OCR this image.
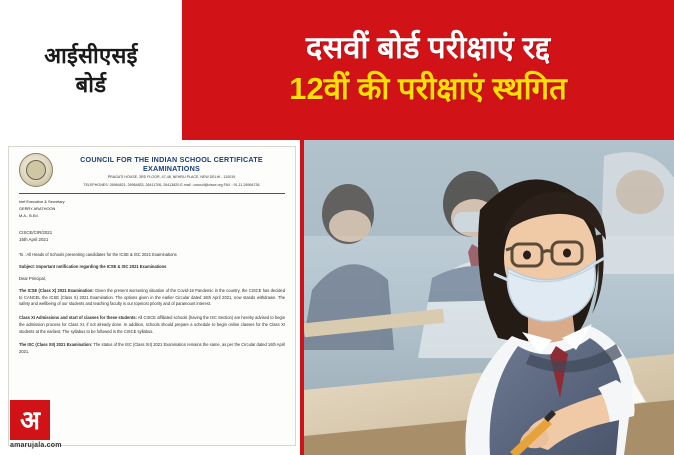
आईसीएसई
बोर्ड
दसवीं बोर्ड परीक्षाएं रद्द
12वीं की परीक्षाएं स्थगित
COUNCIL FOR THE INDIAN SCHOOL CERTIFICATE EXAMINATIONS
PRAGATI HOUSE, 3RD FLOOR, 47-48, NEHRU PLACE, NEW DELHI - 110019
TELEPHONES: 26964821, 26964833, 26411706, 26413820 E-mail : council@cisce.org FAX : 91-11-26964736
hief Executive & Secretary
GERRY ARATHOON
M.A., B.Ed.
CISCE/CIR/2021
16th April 2021
To : All Heads of Schools presenting candidates for the ICSE & ISC 2021 Examinations
Subject: Important notification regarding the ICSE & ISC 2021 Examinations
Dear Principal,
The ICSE (Class X) 2021 Examination: Given the present worsening situation of the Covid-19 Pandemic in the country, the CISCE has decided to CANCEL the ICSE (Class X) 2021 Examination. The options given in the earlier Circular dated 16th April 2021, now stands withdrawn. The safety and wellbeing of our students and teaching faculty is our topmost priority and of paramount interest.
Class XI Admissions and start of classes for these students: All CISCE affiliated schools (having the ISC Section) are hereby advised to begin the admission process for Class XI, if not already done. In addition, schools should prepare a schedule to begin online classes for the Class XI students at the earliest. The syllabus to be followed is the CISCE syllabus.
The ISC (Class XII) 2021 Examination: The status of the ISC (Class XII) 2021 Examination remains the same, as per the Circular dated 16th April 2021.
अ
amarujala.com
